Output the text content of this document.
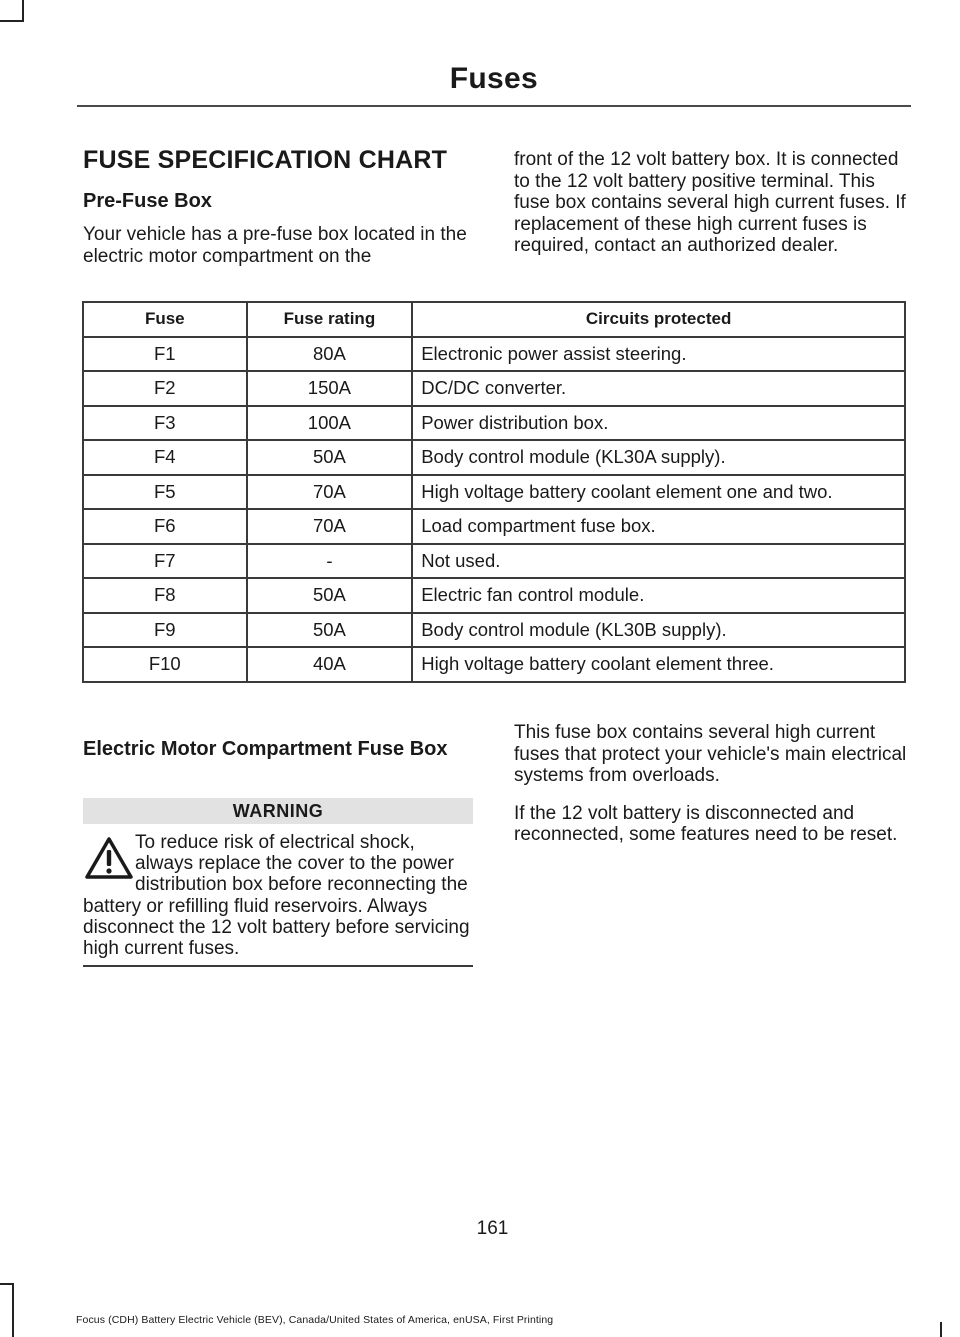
Fuses
FUSE SPECIFICATION CHART
Pre-Fuse Box

Your vehicle has a pre-fuse box located in the electric motor compartment on the

front of the 12 volt battery box. It is connected to the 12 volt battery positive terminal. This fuse box contains several high current fuses. If replacement of these high current fuses is required, contact an authorized dealer.

Fuse	Fuse rating	Circuits protected
F1	80A	Electronic power assist steering.
F2	150A	DC/DC converter.
F3	100A	Power distribution box.
F4	50A	Body control module (KL30A supply).
F5	70A	High voltage battery coolant element one and two.
F6	70A	Load compartment fuse box.
F7	-	Not used.
F8	50A	Electric fan control module.
F9	50A	Body control module (KL30B supply).
F10	40A	High voltage battery coolant element three.
Electric Motor Compartment Fuse Box
WARNING
To reduce risk of electrical shock, always replace the cover to the power distribution box before reconnecting the battery or refilling fluid reservoirs. Always disconnect the 12 volt battery before servicing high current fuses.

This fuse box contains several high current fuses that protect your vehicle's main electrical systems from overloads.

If the 12 volt battery is disconnected and reconnected, some features need to be reset.

161
Focus (CDH) Battery Electric Vehicle (BEV), Canada/United States of America, enUSA, First Printing
